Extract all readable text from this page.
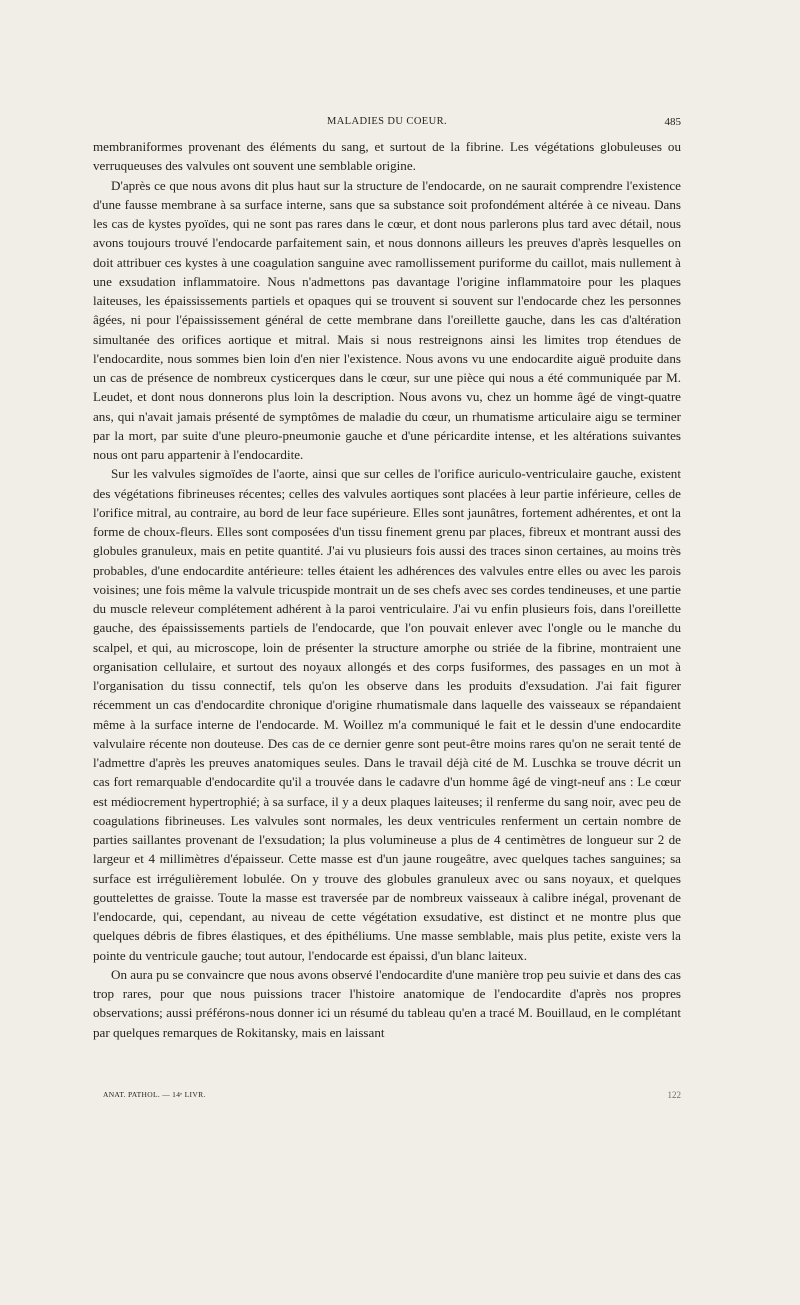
MALADIES DU COEUR.	485

membraniformes provenant des éléments du sang, et surtout de la fibrine. Les végétations globuleuses ou verruqueuses des valvules ont souvent une semblable origine.

D'après ce que nous avons dit plus haut sur la structure de l'endocarde, on ne saurait comprendre l'existence d'une fausse membrane à sa surface interne, sans que sa substance soit profondément altérée à ce niveau. Dans les cas de kystes pyoïdes, qui ne sont pas rares dans le cœur, et dont nous parlerons plus tard avec détail, nous avons toujours trouvé l'endocarde parfaitement sain, et nous donnons ailleurs les preuves d'après lesquelles on doit attribuer ces kystes à une coagulation sanguine avec ramollissement puriforme du caillot, mais nullement à une exsudation inflammatoire. Nous n'admettons pas davantage l'origine inflammatoire pour les plaques laiteuses, les épaississements partiels et opaques qui se trouvent si souvent sur l'endocarde chez les personnes âgées, ni pour l'épaississement général de cette membrane dans l'oreillette gauche, dans les cas d'altération simultanée des orifices aortique et mitral. Mais si nous restreignons ainsi les limites trop étendues de l'endocardite, nous sommes bien loin d'en nier l'existence. Nous avons vu une endocardite aiguë produite dans un cas de présence de nombreux cysticerques dans le cœur, sur une pièce qui nous a été communiquée par M. Leudet, et dont nous donnerons plus loin la description. Nous avons vu, chez un homme âgé de vingt-quatre ans, qui n'avait jamais présenté de symptômes de maladie du cœur, un rhumatisme articulaire aigu se terminer par la mort, par suite d'une pleuro-pneumonie gauche et d'une péricardite intense, et les altérations suivantes nous ont paru appartenir à l'endocardite.

Sur les valvules sigmoïdes de l'aorte, ainsi que sur celles de l'orifice auriculo-ventriculaire gauche, existent des végétations fibrineuses récentes; celles des valvules aortiques sont placées à leur partie inférieure, celles de l'orifice mitral, au contraire, au bord de leur face supérieure. Elles sont jaunâtres, fortement adhérentes, et ont la forme de choux-fleurs. Elles sont composées d'un tissu finement grenu par places, fibreux et montrant aussi des globules granuleux, mais en petite quantité. J'ai vu plusieurs fois aussi des traces sinon certaines, au moins très probables, d'une endocardite antérieure: telles étaient les adhérences des valvules entre elles ou avec les parois voisines; une fois même la valvule tricuspide montrait un de ses chefs avec ses cordes tendineuses, et une partie du muscle releveur complétement adhérent à la paroi ventriculaire. J'ai vu enfin plusieurs fois, dans l'oreillette gauche, des épaississements partiels de l'endocarde, que l'on pouvait enlever avec l'ongle ou le manche du scalpel, et qui, au microscope, loin de présenter la structure amorphe ou striée de la fibrine, montraient une organisation cellulaire, et surtout des noyaux allongés et des corps fusiformes, des passages en un mot à l'organisation du tissu connectif, tels qu'on les observe dans les produits d'exsudation. J'ai fait figurer récemment un cas d'endocardite chronique d'origine rhumatismale dans laquelle des vaisseaux se répandaient même à la surface interne de l'endocarde. M. Woillez m'a communiqué le fait et le dessin d'une endocardite valvulaire récente non douteuse. Des cas de ce dernier genre sont peut-être moins rares qu'on ne serait tenté de l'admettre d'après les preuves anatomiques seules. Dans le travail déjà cité de M. Luschka se trouve décrit un cas fort remarquable d'endocardite qu'il a trouvée dans le cadavre d'un homme âgé de vingt-neuf ans : Le cœur est médiocrement hypertrophié; à sa surface, il y a deux plaques laiteuses; il renferme du sang noir, avec peu de coagulations fibrineuses. Les valvules sont normales, les deux ventricules renferment un certain nombre de parties saillantes provenant de l'exsudation; la plus volumineuse a plus de 4 centimètres de longueur sur 2 de largeur et 4 millimètres d'épaisseur. Cette masse est d'un jaune rougeâtre, avec quelques taches sanguines; sa surface est irrégulièrement lobulée. On y trouve des globules granuleux avec ou sans noyaux, et quelques gouttelettes de graisse. Toute la masse est traversée par de nombreux vaisseaux à calibre inégal, provenant de l'endocarde, qui, cependant, au niveau de cette végétation exsudative, est distinct et ne montre plus que quelques débris de fibres élastiques, et des épithéliums. Une masse semblable, mais plus petite, existe vers la pointe du ventricule gauche; tout autour, l'endocarde est épaissi, d'un blanc laiteux.

On aura pu se convaincre que nous avons observé l'endocardite d'une manière trop peu suivie et dans des cas trop rares, pour que nous puissions tracer l'histoire anatomique de l'endocardite d'après nos propres observations; aussi préférons-nous donner ici un résumé du tableau qu'en a tracé M. Bouillaud, en le complétant par quelques remarques de Rokitansky, mais en laissant

ANAT. PATHOL. — 14ᵉ LIVR.	122
